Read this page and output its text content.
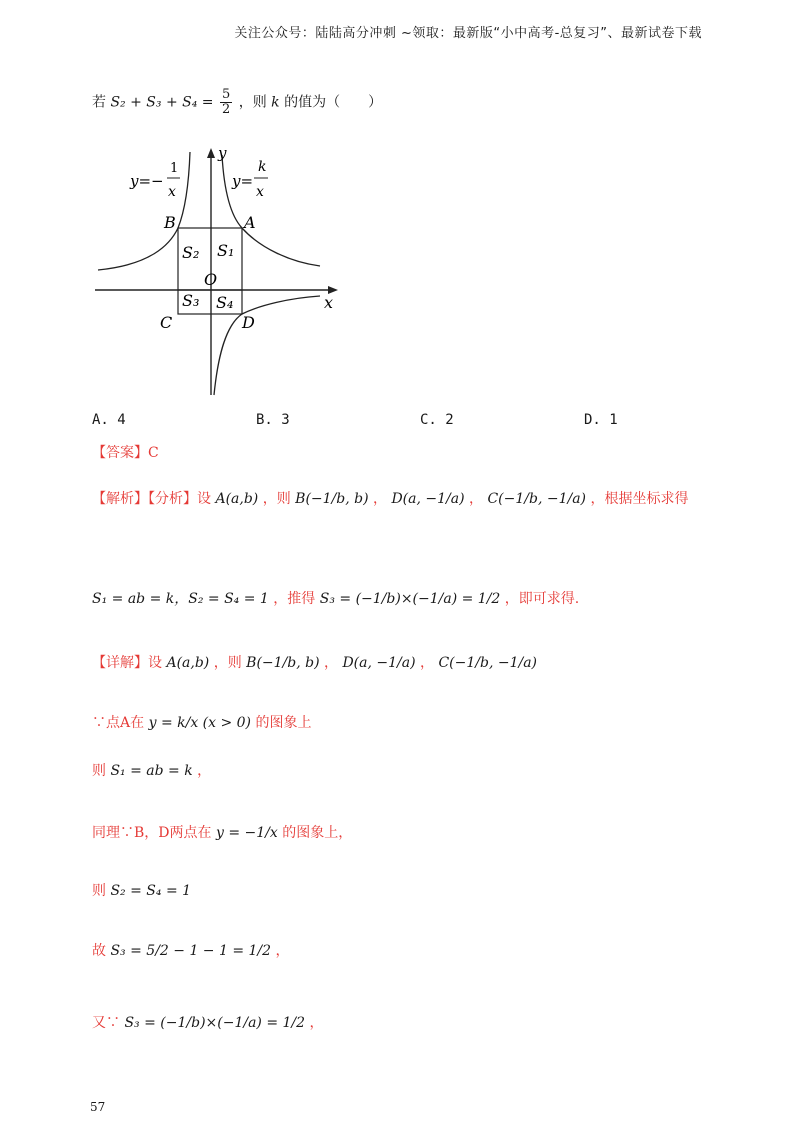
关注公众号：陆陆高分冲刺 ~领取：最新版“小中高考-总复习”、最新试卷下载
若 $S_2 + S_3 + S_4 = \frac{5}{2}$ ，则 k 的值为（　　）
y=−
1
x
y=
k
x
y
x
O
A
B
C	D
S₁
S₂
S₃ S₄
A. 4	B. 3	C. 2	D. 1
【答案】C
【解析】【分析】设 A(a,b) ，则 B(−1/b, b) ， D(a, −1/a) ， C(−1/b, −1/a) ，根据坐标求得
S₁ = ab = k，S₂ = S₄ = 1 ，推得 S₃ = (−1/b)×(−1/a) = 1/2 ，即可求得.
【详解】设 A(a,b) ，则 B(−1/b, b) ， D(a, −1/a) ， C(−1/b, −1/a)
∵点A在 y = k/x (x > 0) 的图象上
则 S₁ = ab = k ，
同理∵B，D两点在 y = −1/x 的图象上，
则 S₂ = S₄ = 1
故 S₃ = 5/2 − 1 − 1 = 1/2 ，
又∵ S₃ = (−1/b)×(−1/a) = 1/2 ，
57
